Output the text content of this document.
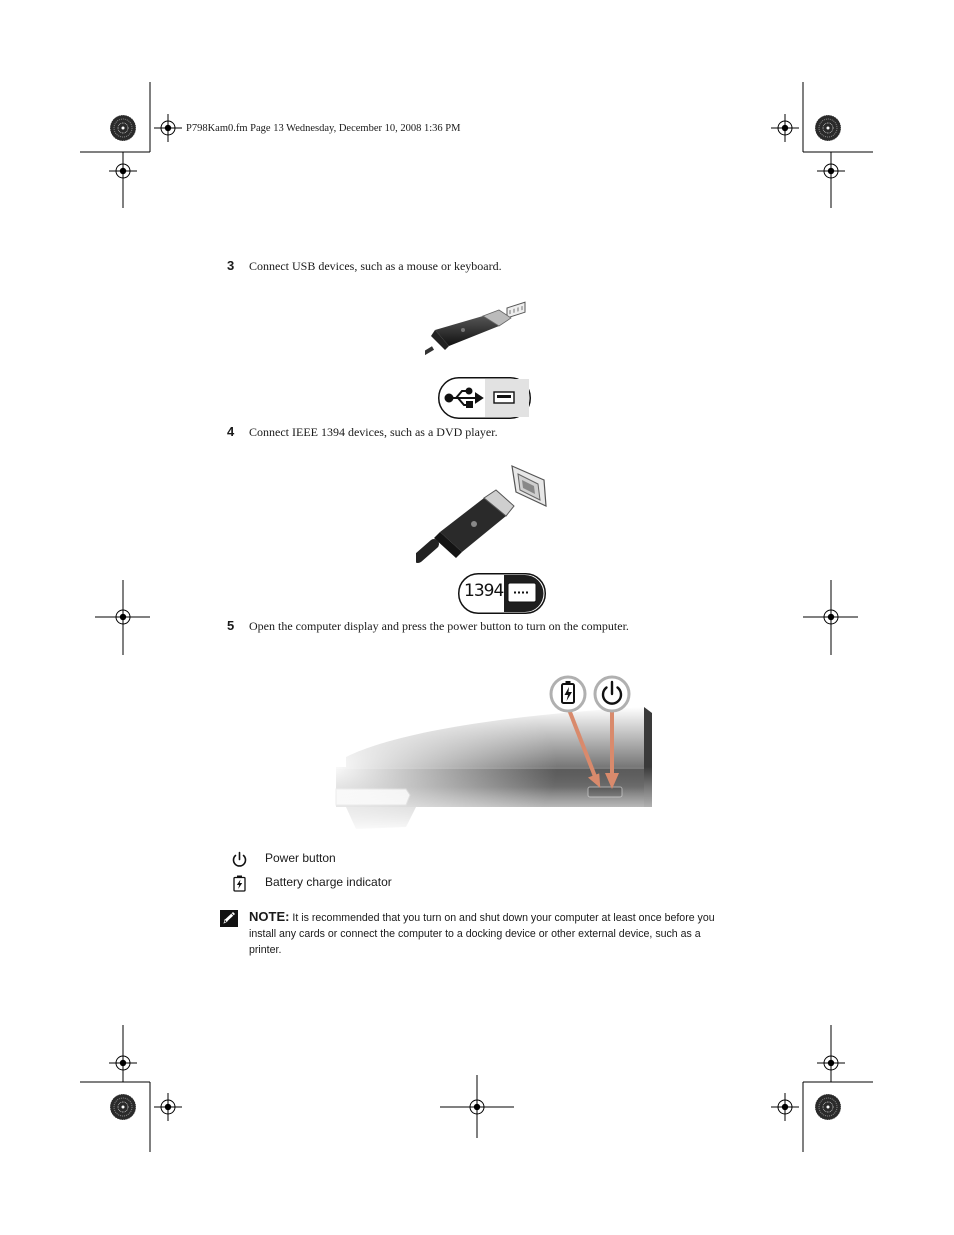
P798Kam0.fm Page 13 Wednesday, December 10, 2008 1:36 PM
3 Connect USB devices, such as a mouse or keyboard.
4 Connect IEEE 1394 devices, such as a DVD player.
1394
5 Open the computer display and press the power button to turn on the computer.
Power button
Battery charge indicator
NOTE: It is recommended that you turn on and shut down your computer at least once before you install any cards or connect the computer to a docking device or other external device, such as a printer.
